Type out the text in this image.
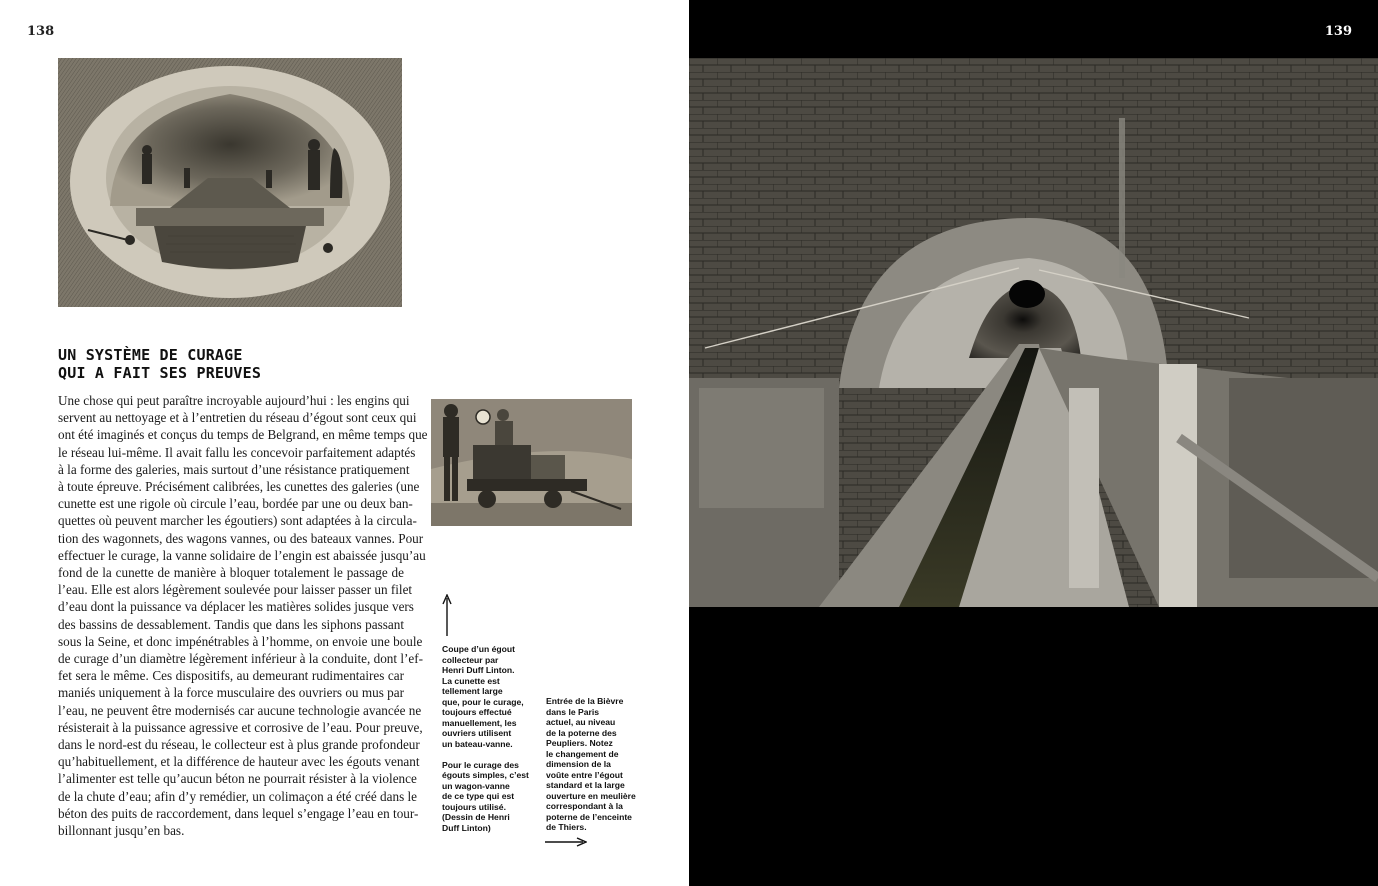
138
UN SYSTÈME DE CURAGE
QUI A FAIT SES PREUVES
Une chose qui peut paraître incroyable aujourd’hui : les engins qui
servent au nettoyage et à l’entretien du réseau d’égout sont ceux qui
ont été imaginés et conçus du temps de Belgrand, en même temps que
le réseau lui-même. Il avait fallu les concevoir parfaitement adaptés
à la forme des galeries, mais surtout d’une résistance pratiquement
à toute épreuve. Précisément calibrées, les cunettes des galeries (une
cunette est une rigole où circule l’eau, bordée par une ou deux ban-
quettes où peuvent marcher les égoutiers) sont adaptées à la circula-
tion des wagonnets, des wagons vannes, ou des bateaux vannes. Pour
effectuer le curage, la vanne solidaire de l’engin est abaissée jusqu’au
fond de la cunette de manière à bloquer totalement le passage de
l’eau. Elle est alors légèrement soulevée pour laisser passer un filet
d’eau dont la puissance va déplacer les matières solides jusque vers
des bassins de dessablement. Tandis que dans les siphons passant
sous la Seine, et donc impénétrables à l’homme, on envoie une boule
de curage d’un diamètre légèrement inférieur à la conduite, dont l’ef-
fet sera le même. Ces dispositifs, au demeurant rudimentaires car
maniés uniquement à la force musculaire des ouvriers ou mus par
l’eau, ne peuvent être modernisés car aucune technologie avancée ne
résisterait à la puissance agressive et corrosive de l’eau. Pour preuve,
dans le nord-est du réseau, le collecteur est à plus grande profondeur
qu’habituellement, et la différence de hauteur avec les égouts venant
l’alimenter est telle qu’aucun béton ne pourrait résister à la violence
de la chute d’eau; afin d’y remédier, un colimaçon a été créé dans le
béton des puits de raccordement, dans lequel s’engage l’eau en tour-
billonnant jusqu’en bas.
Coupe d’un égout
collecteur par
Henri Duff Linton.
La cunette est
tellement large
que, pour le curage,
toujours effectué
manuellement, les
ouvriers utilisent
un bateau-vanne.
Pour le curage des
égouts simples, c’est
un wagon-vanne
de ce type qui est
toujours utilisé.
(Dessin de Henri
Duff Linton)
Entrée de la Bièvre
dans le Paris
actuel, au niveau
de la poterne des
Peupliers. Notez
le changement de
dimension de la
voûte entre l’égout
standard et la large
ouverture en meulière
correspondant à la
poterne de l’enceinte
de Thiers.
139
